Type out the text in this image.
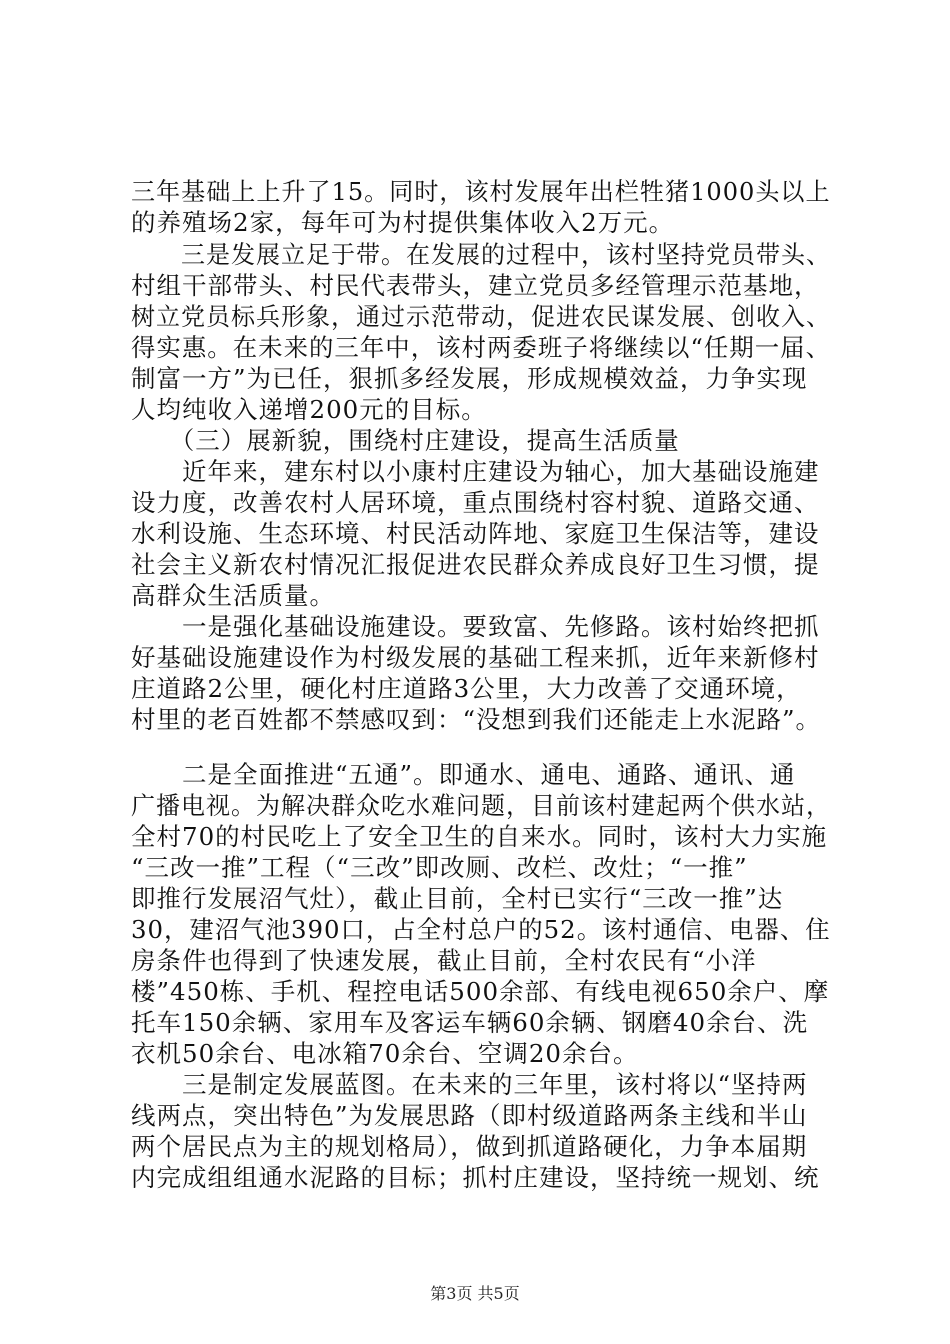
三年基础上上升了15。同时，该村发展年出栏牲猪1000头以上
的养殖场2家，每年可为村提供集体收入2万元。
　　三是发展立足于带。在发展的过程中，该村坚持党员带头、
村组干部带头、村民代表带头，建立党员多经管理示范基地，
树立党员标兵形象，通过示范带动，促进农民谋发展、创收入、
得实惠。在未来的三年中，该村两委班子将继续以“任期一届、
制富一方”为已任，狠抓多经发展，形成规模效益，力争实现
人均纯收入递增200元的目标。
　　（三）展新貌，围绕村庄建设，提高生活质量
　　近年来，建东村以小康村庄建设为轴心，加大基础设施建
设力度，改善农村人居环境，重点围绕村容村貌、道路交通、
水利设施、生态环境、村民活动阵地、家庭卫生保洁等，建设
社会主义新农村情况汇报促进农民群众养成良好卫生习惯，提
高群众生活质量。
　　一是强化基础设施建设。要致富、先修路。该村始终把抓
好基础设施建设作为村级发展的基础工程来抓，近年来新修村
庄道路2公里，硬化村庄道路3公里，大力改善了交通环境，
村里的老百姓都不禁感叹到：“没想到我们还能走上水泥路”。
　　二是全面推进“五通”。即通水、通电、通路、通讯、通
广播电视。为解决群众吃水难问题，目前该村建起两个供水站，
全村70的村民吃上了安全卫生的自来水。同时，该村大力实施
“三改一推”工程（“三改”即改厕、改栏、改灶；“一推”
即推行发展沼气灶），截止目前，全村已实行“三改一推”达
30，建沼气池390口，占全村总户的52。该村通信、电器、住
房条件也得到了快速发展，截止目前，全村农民有“小洋
楼”450栋、手机、程控电话500余部、有线电视650余户、摩
托车150余辆、家用车及客运车辆60余辆、钢磨40余台、洗
衣机50余台、电冰箱70余台、空调20余台。
　　三是制定发展蓝图。在未来的三年里，该村将以“坚持两
线两点，突出特色”为发展思路（即村级道路两条主线和半山
两个居民点为主的规划格局），做到抓道路硬化，力争本届期
内完成组组通水泥路的目标；抓村庄建设，坚持统一规划、统
第3页 共5页
